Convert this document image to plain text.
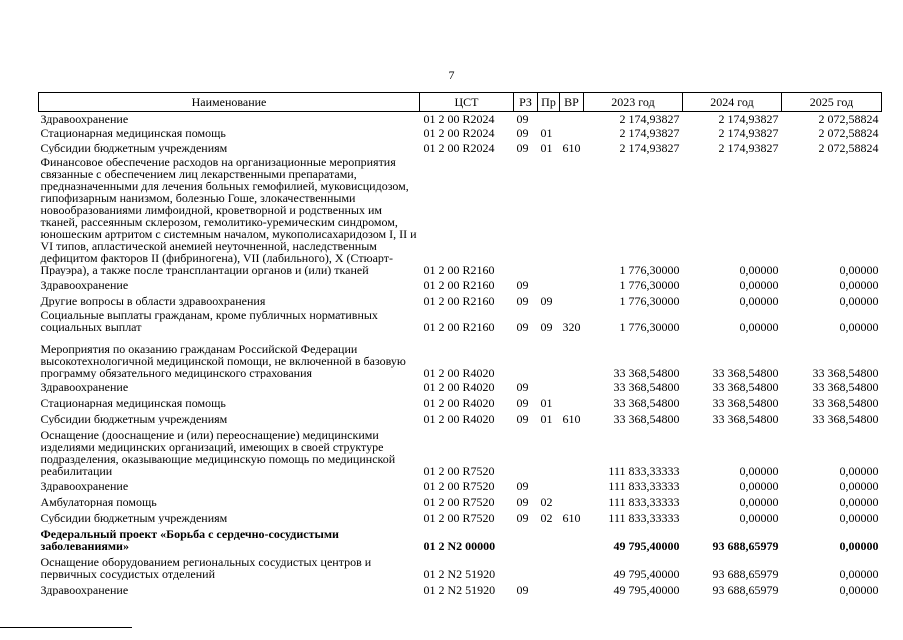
7
Наименование	ЦСТ	РЗ	Пр	ВР	2023 год	2024 год	2025 год
Здравоохранение	01 2 00 R2024	09			2 174,93827	2 174,93827	2 072,58824
Стационарная медицинская помощь	01 2 00 R2024	09	01		2 174,93827	2 174,93827	2 072,58824
Субсидии бюджетным учреждениям	01 2 00 R2024	09	01	610	2 174,93827	2 174,93827	2 072,58824
Финансовое обеспечение расходов на организационные мероприятия связанные с обеспечением лиц лекарственными препаратами, предназначенными для лечения больных гемофилией, муковисцидозом, гипофизарным нанизмом, болезнью Гоше, злокачественными новообразованиями лимфоидной, кроветворной и родственных им тканей, рассеянным склерозом, гемолитико-уремическим синдромом, юношеским артритом с системным началом, мукополисахаридозом I, II и VI типов, апластической анемией неуточненной, наследственным дефицитом факторов II (фибриногена), VII (лабильного), X (Стюарт-Прауэра), а также после трансплантации органов и (или) тканей	01 2 00 R2160				1 776,30000	0,00000	0,00000
Здравоохранение	01 2 00 R2160	09			1 776,30000	0,00000	0,00000
Другие вопросы в области здравоохранения	01 2 00 R2160	09	09		1 776,30000	0,00000	0,00000
Социальные выплаты гражданам, кроме публичных нормативных социальных выплат	01 2 00 R2160	09	09	320	1 776,30000	0,00000	0,00000
Мероприятия по оказанию гражданам Российской Федерации высокотехнологичной медицинской помощи, не включенной в базовую программу обязательного медицинского страхования	01 2 00 R4020				33 368,54800	33 368,54800	33 368,54800
Здравоохранение	01 2 00 R4020	09			33 368,54800	33 368,54800	33 368,54800
Стационарная медицинская помощь	01 2 00 R4020	09	01		33 368,54800	33 368,54800	33 368,54800
Субсидии бюджетным учреждениям	01 2 00 R4020	09	01	610	33 368,54800	33 368,54800	33 368,54800
Оснащение (дооснащение и (или) переоснащение) медицинскими изделиями медицинских организаций, имеющих в своей структуре подразделения, оказывающие медицинскую помощь по медицинской реабилитации	01 2 00 R7520				111 833,33333	0,00000	0,00000
Здравоохранение	01 2 00 R7520	09			111 833,33333	0,00000	0,00000
Амбулаторная помощь	01 2 00 R7520	09	02		111 833,33333	0,00000	0,00000
Субсидии бюджетным учреждениям	01 2 00 R7520	09	02	610	111 833,33333	0,00000	0,00000
Федеральный проект «Борьба с сердечно-сосудистыми заболеваниями»	01 2 N2 00000				49 795,40000	93 688,65979	0,00000
Оснащение оборудованием региональных сосудистых центров и первичных сосудистых отделений	01 2 N2 51920				49 795,40000	93 688,65979	0,00000
Здравоохранение	01 2 N2 51920	09			49 795,40000	93 688,65979	0,00000
